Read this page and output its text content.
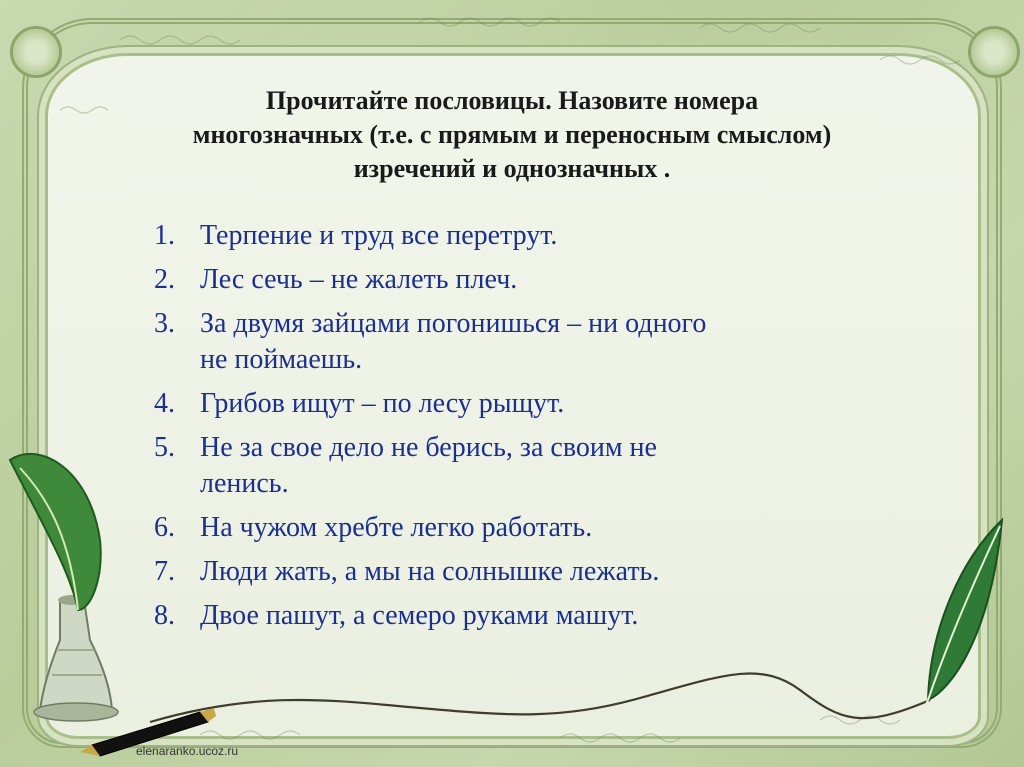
Прочитайте пословицы. Назовите номера
многозначных (т.е. с прямым и переносным смыслом)
изречений и однозначных .
1. Терпение и труд все перетрут.
2. Лес сечь – не жалеть плеч.
3. За двумя зайцами погонишься – ни одного
не поймаешь.
4. Грибов ищут – по лесу рыщут.
5. Не за свое дело не берись, за своим не
ленись.
6. На чужом хребте легко работать.
7. Люди жать, а мы на солнышке лежать.
8. Двое пашут, а семеро руками машут.
elenaranko.ucoz.ru
